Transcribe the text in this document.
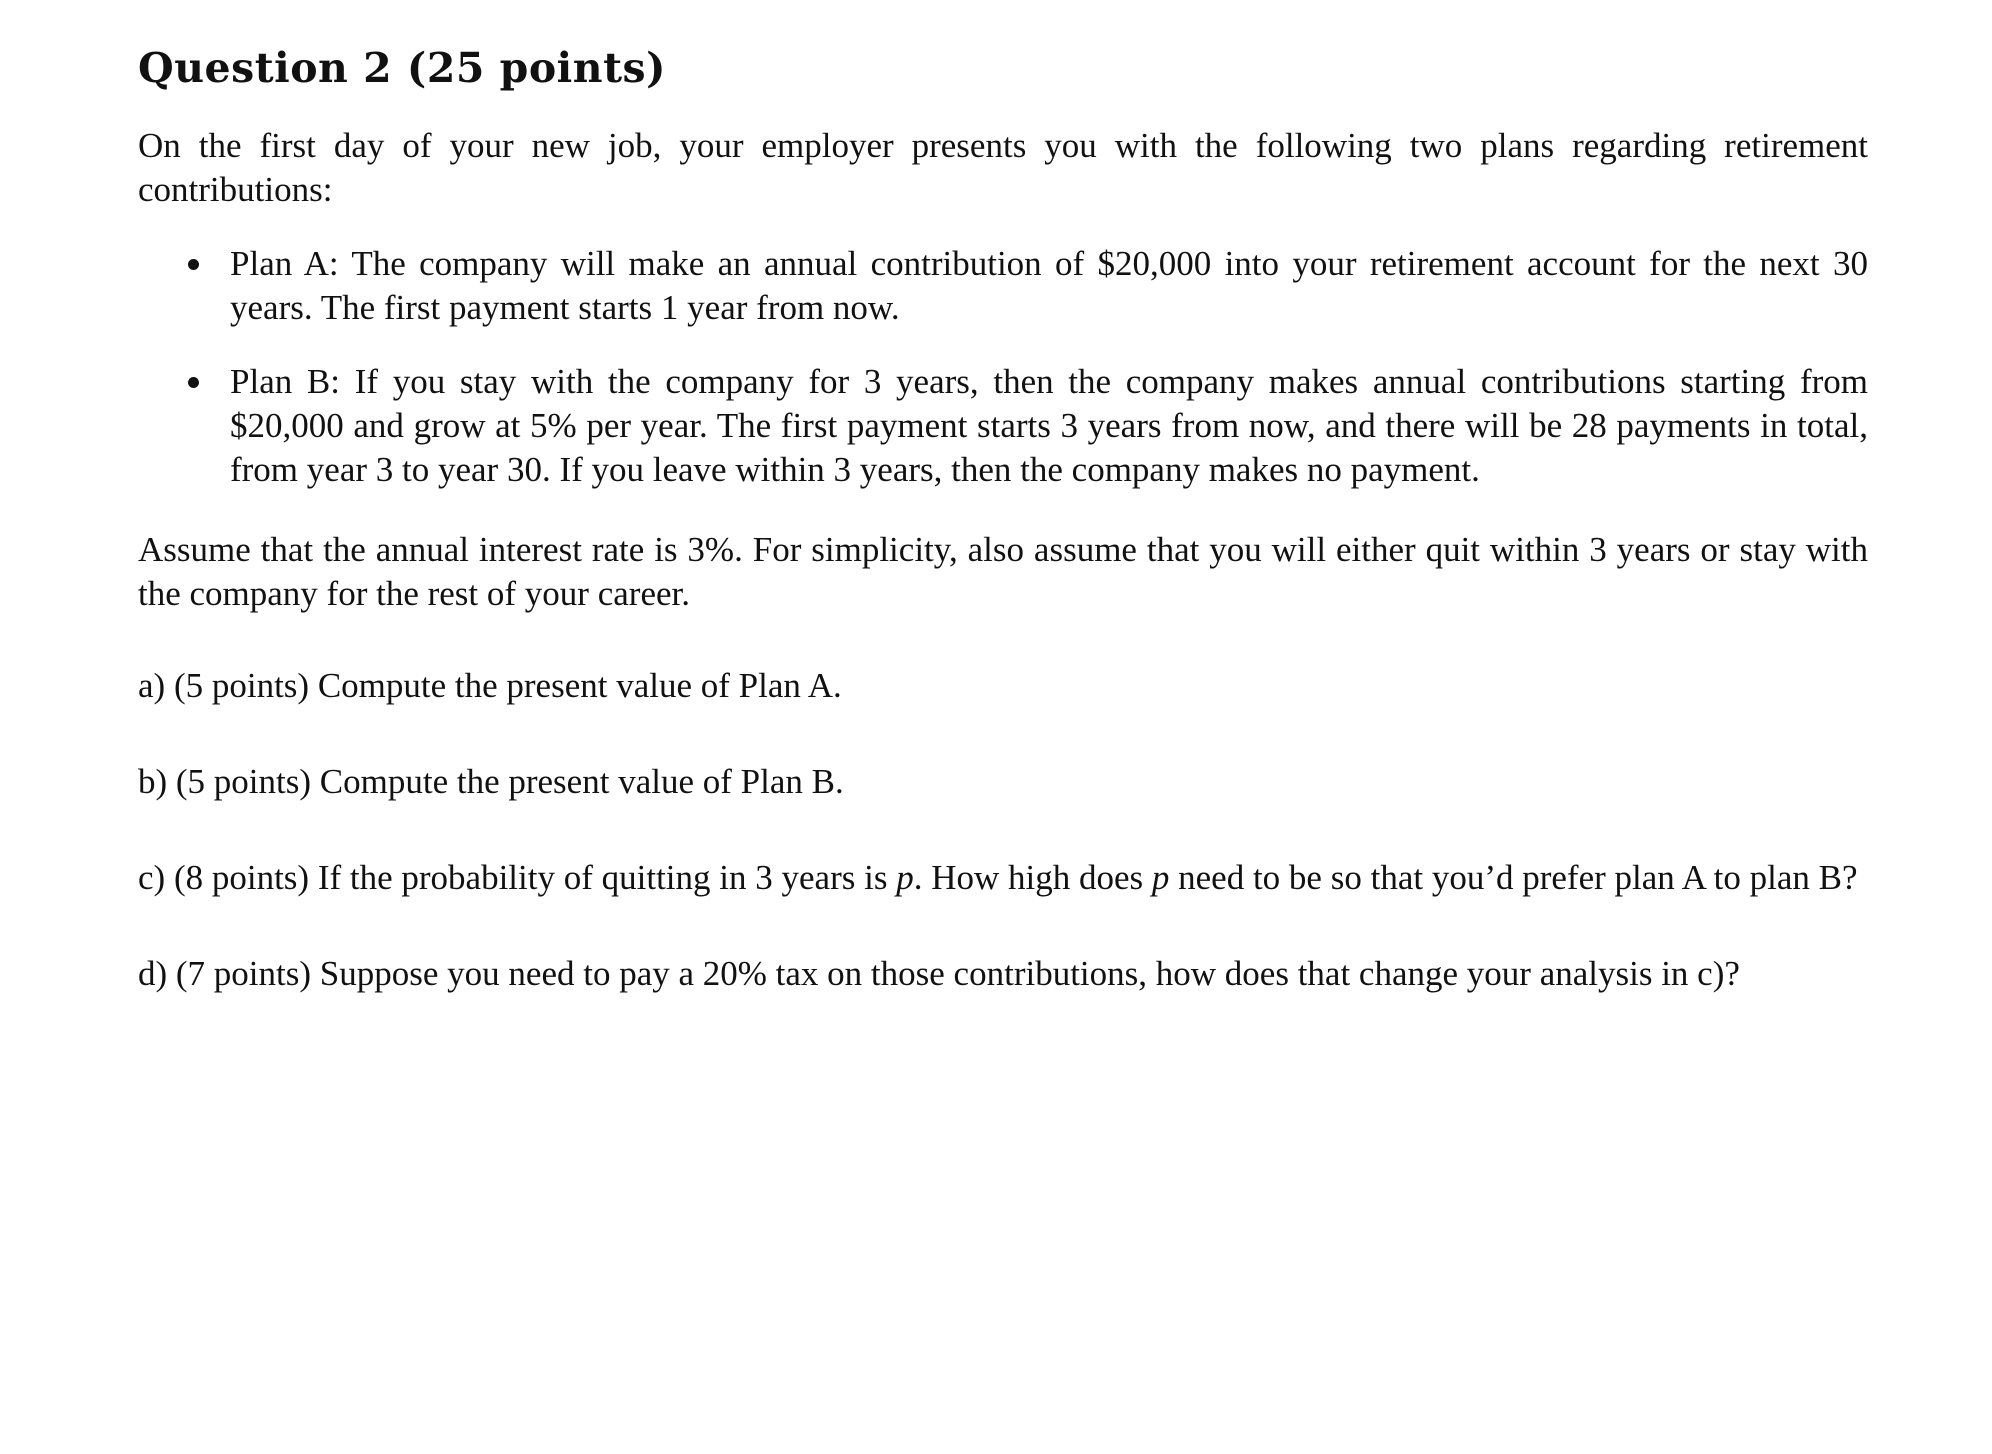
Question 2 (25 points)

On the first day of your new job, your employer presents you with the following two plans regarding retirement contributions:

Plan A: The company will make an annual contribution of $20,000 into your retirement account for the next 30 years. The first payment starts 1 year from now.

Plan B: If you stay with the company for 3 years, then the company makes annual contributions starting from $20,000 and grow at 5% per year. The first payment starts 3 years from now, and there will be 28 payments in total, from year 3 to year 30. If you leave within 3 years, then the company makes no payment.

Assume that the annual interest rate is 3%. For simplicity, also assume that you will either quit within 3 years or stay with the company for the rest of your career.

a) (5 points) Compute the present value of Plan A.

b) (5 points) Compute the present value of Plan B.

c) (8 points) If the probability of quitting in 3 years is p. How high does p need to be so that you’d prefer plan A to plan B?

d) (7 points) Suppose you need to pay a 20% tax on those contributions, how does that change your analysis in c)?
